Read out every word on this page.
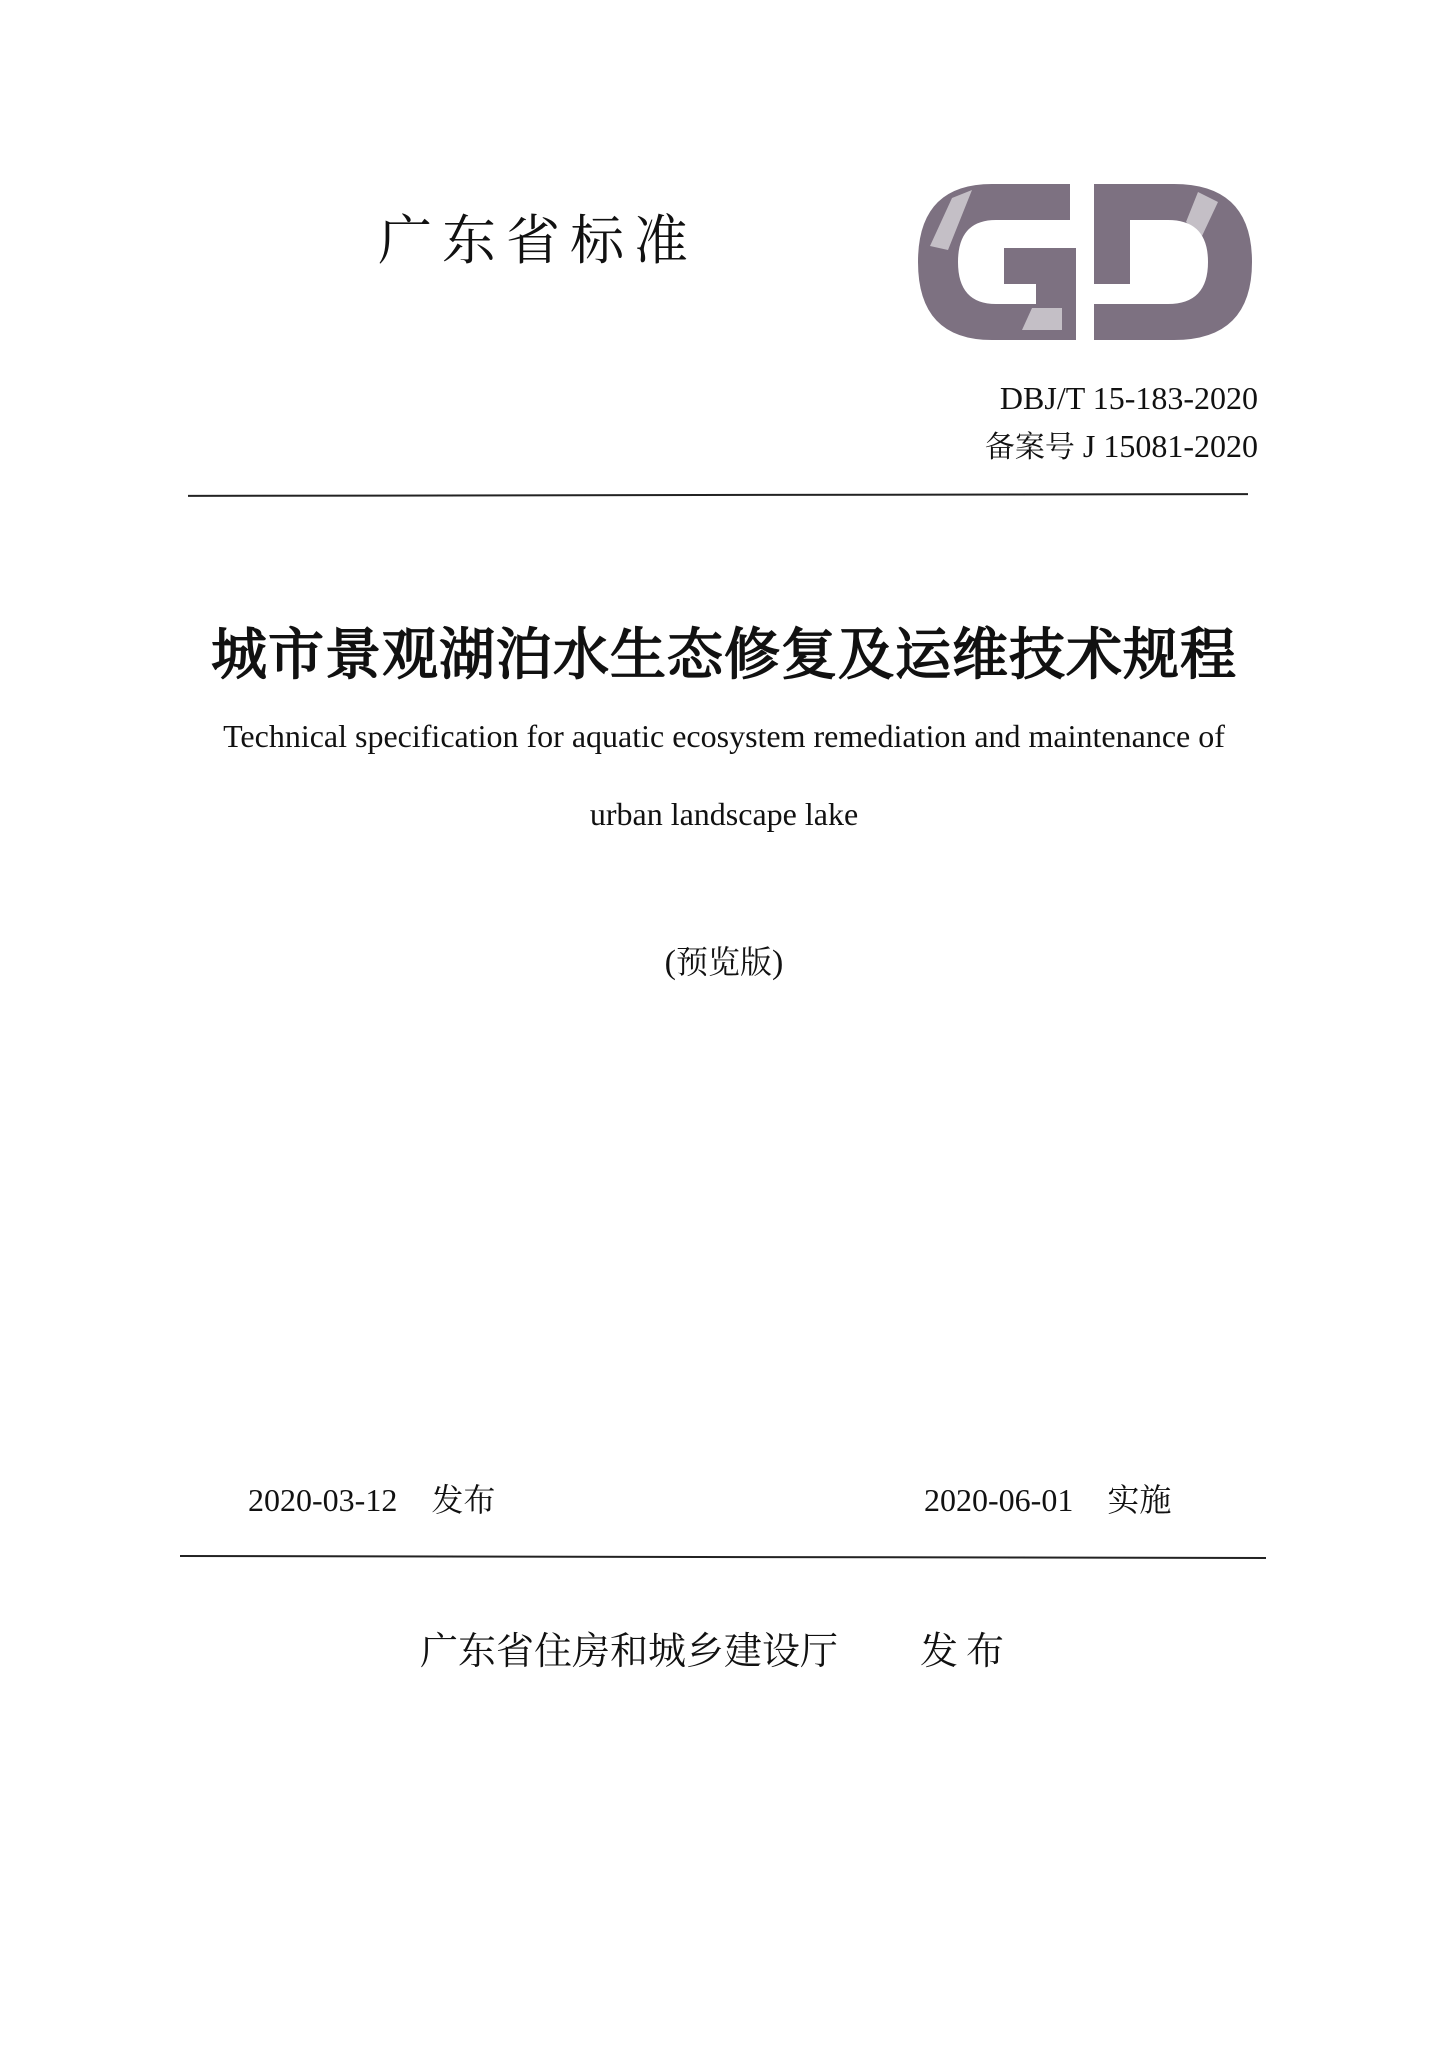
广东省标准
GD
DBJ/T 15-183-2020
备案号 J 15081-2020
城市景观湖泊水生态修复及运维技术规程
Technical specification for aquatic ecosystem remediation and maintenance of
urban landscape lake
(预览版)
2020-03-12 发布	2020-06-01 实施
广东省住房和城乡建设厅 发布
